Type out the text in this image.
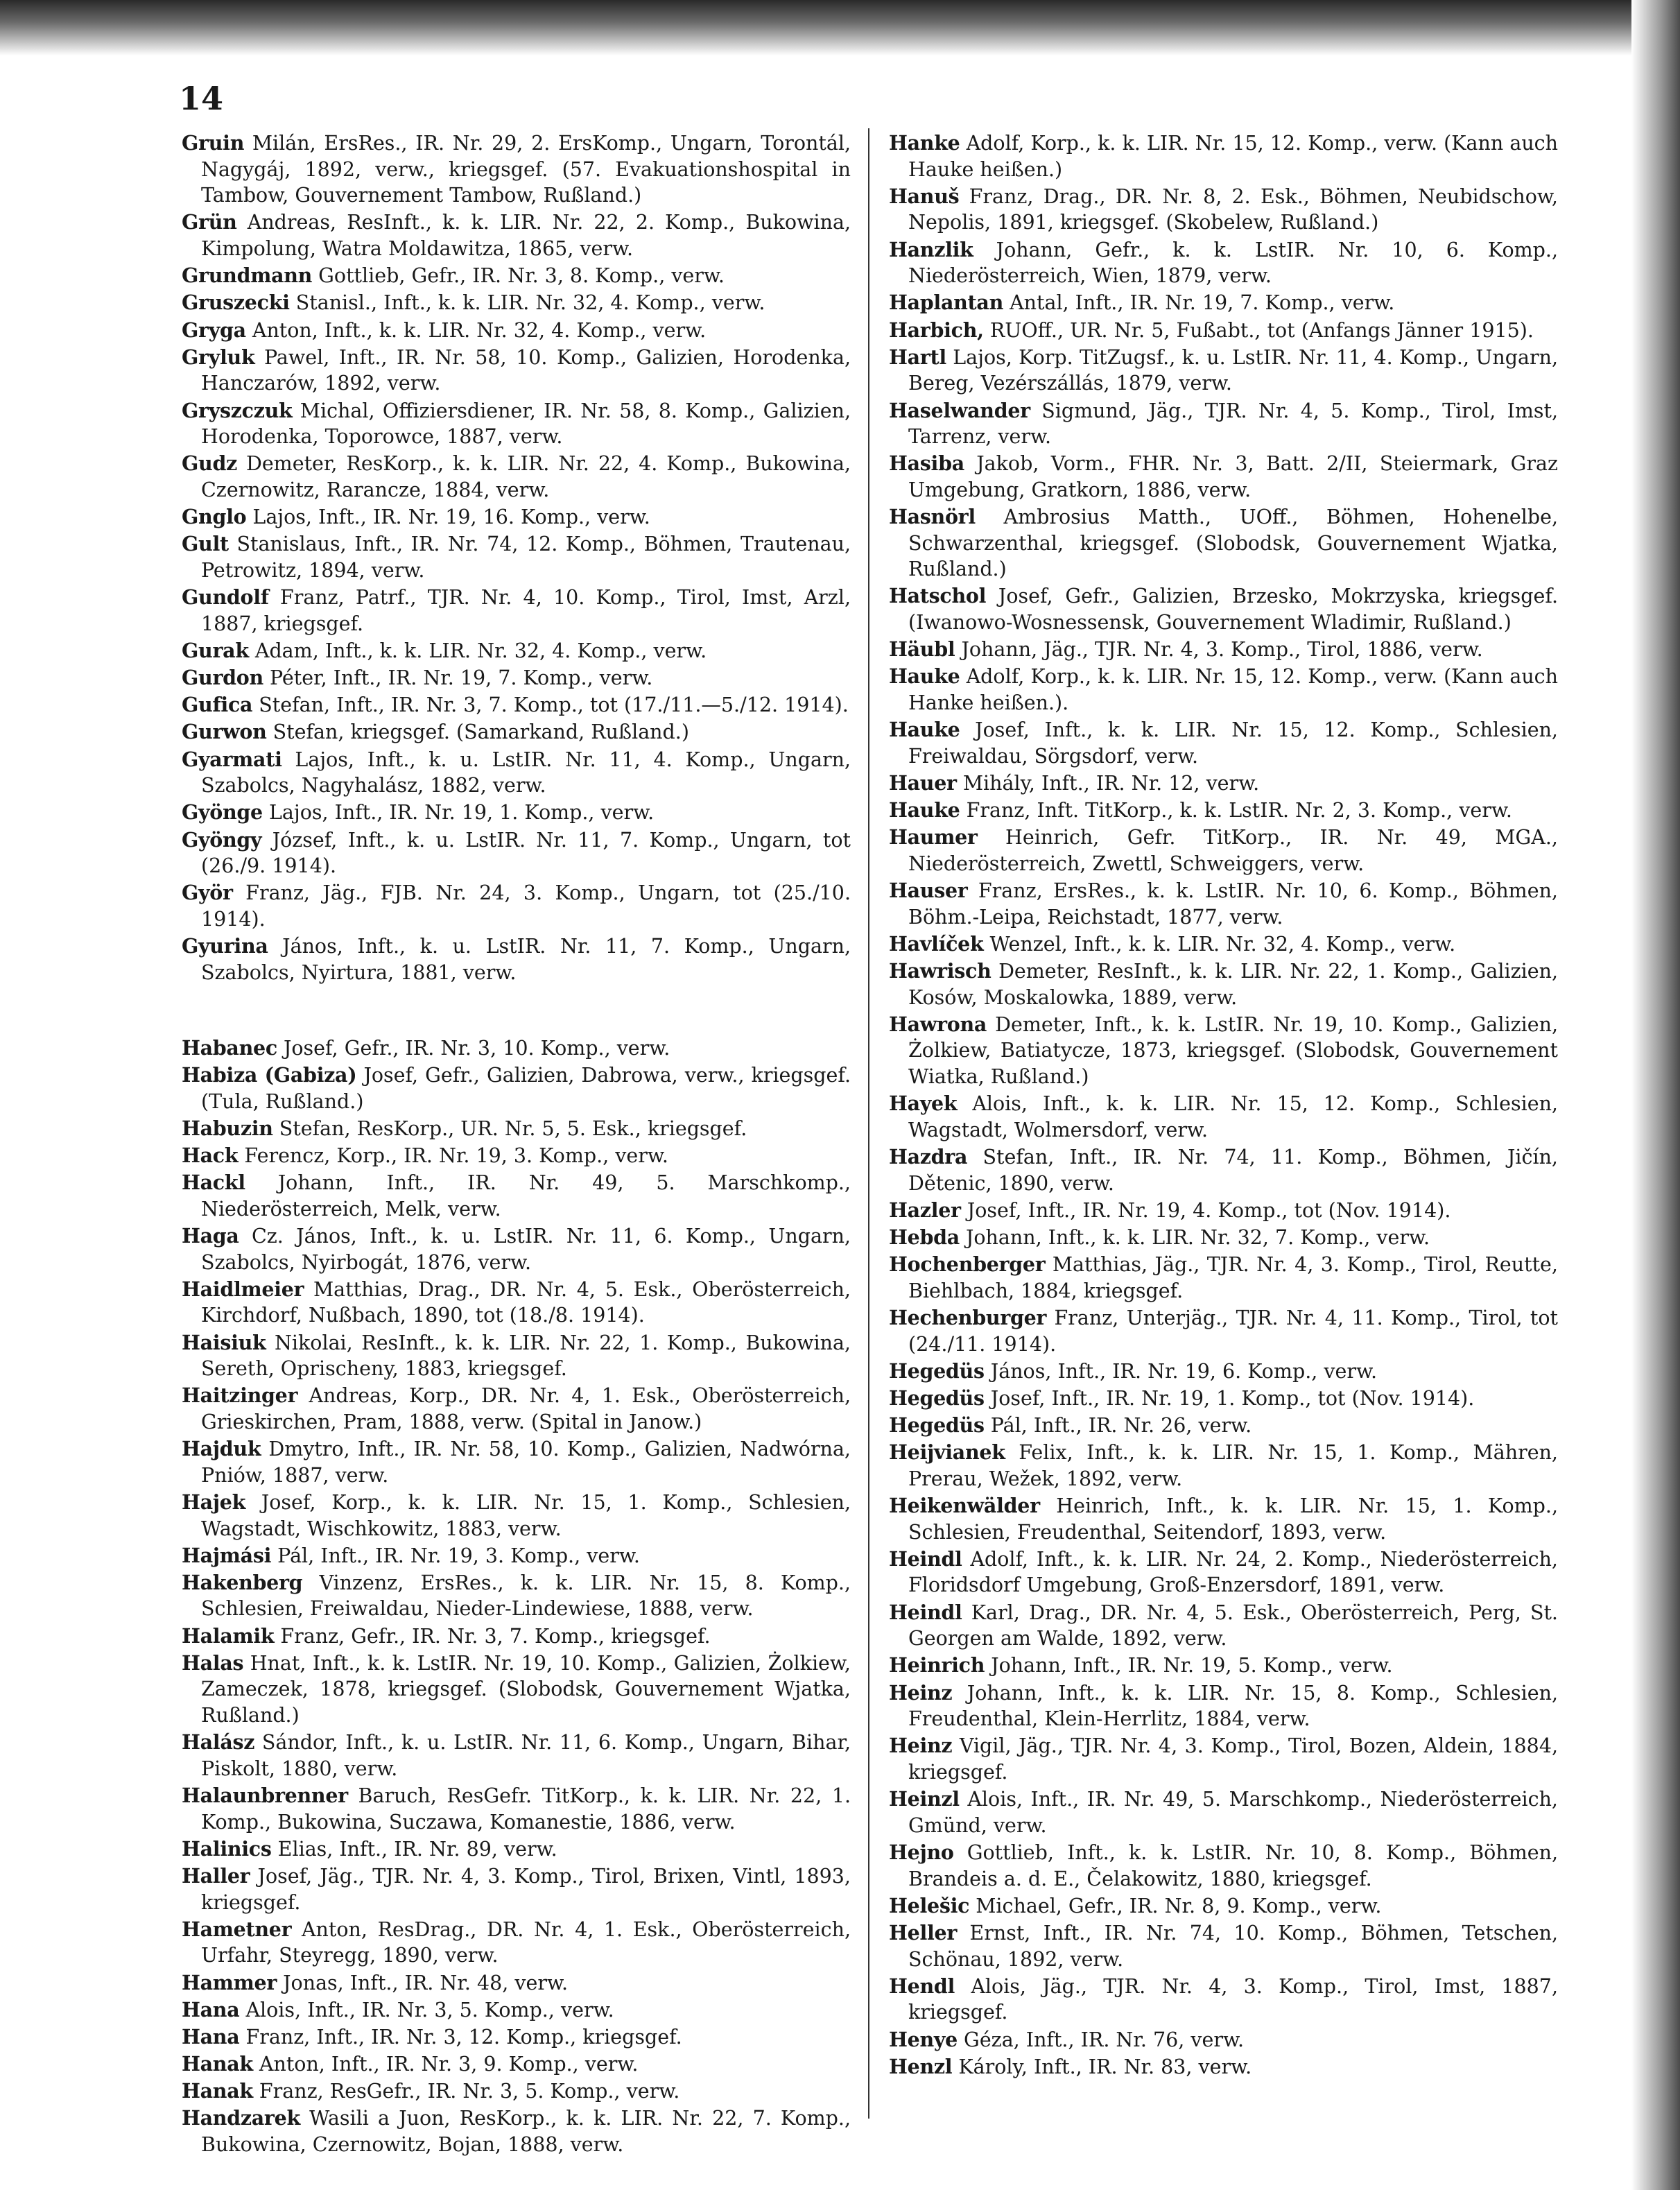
14

Gruin Milán, ErsRes., IR. Nr. 29, 2. ErsKomp., Ungarn, Torontál, Nagygáj, 1892, verw., kriegsgef. (57. Evakuationshospital in Tambow, Gouvernement Tambow, Rußland.)

Grün Andreas, ResInft., k. k. LIR. Nr. 22, 2. Komp., Bukowina, Kimpolung, Watra Moldawitza, 1865, verw.

Grundmann Gottlieb, Gefr., IR. Nr. 3, 8. Komp., verw.

Gruszecki Stanisl., Inft., k. k. LIR. Nr. 32, 4. Komp., verw.

Gryga Anton, Inft., k. k. LIR. Nr. 32, 4. Komp., verw.

Gryluk Pawel, Inft., IR. Nr. 58, 10. Komp., Galizien, Horodenka, Hanczarów, 1892, verw.

Gryszczuk Michal, Offiziersdiener, IR. Nr. 58, 8. Komp., Galizien, Horodenka, Toporowce, 1887, verw.

Gudz Demeter, ResKorp., k. k. LIR. Nr. 22, 4. Komp., Bukowina, Czernowitz, Rarancze, 1884, verw.

Gnglo Lajos, Inft., IR. Nr. 19, 16. Komp., verw.

Gult Stanislaus, Inft., IR. Nr. 74, 12. Komp., Böhmen, Trautenau, Petrowitz, 1894, verw.

Gundolf Franz, Patrf., TJR. Nr. 4, 10. Komp., Tirol, Imst, Arzl, 1887, kriegsgef.

Gurak Adam, Inft., k. k. LIR. Nr. 32, 4. Komp., verw.

Gurdon Péter, Inft., IR. Nr. 19, 7. Komp., verw.

Gufica Stefan, Inft., IR. Nr. 3, 7. Komp., tot (17./11.—5./12. 1914).

Gurwon Stefan, kriegsgef. (Samarkand, Rußland.)

Gyarmati Lajos, Inft., k. u. LstIR. Nr. 11, 4. Komp., Ungarn, Szabolcs, Nagyhalász, 1882, verw.

Gyönge Lajos, Inft., IR. Nr. 19, 1. Komp., verw.

Gyöngy József, Inft., k. u. LstIR. Nr. 11, 7. Komp., Ungarn, tot (26./9. 1914).

Györ Franz, Jäg., FJB. Nr. 24, 3. Komp., Ungarn, tot (25./10. 1914).

Gyurina János, Inft., k. u. LstIR. Nr. 11, 7. Komp., Ungarn, Szabolcs, Nyirtura, 1881, verw.

Habanec Josef, Gefr., IR. Nr. 3, 10. Komp., verw.

Habiza (Gabiza) Josef, Gefr., Galizien, Dabrowa, verw., kriegsgef. (Tula, Rußland.)

Habuzin Stefan, ResKorp., UR. Nr. 5, 5. Esk., kriegsgef.

Hack Ferencz, Korp., IR. Nr. 19, 3. Komp., verw.

Hackl Johann, Inft., IR. Nr. 49, 5. Marschkomp., Niederösterreich, Melk, verw.

Haga Cz. János, Inft., k. u. LstIR. Nr. 11, 6. Komp., Ungarn, Szabolcs, Nyirbogát, 1876, verw.

Haidlmeier Matthias, Drag., DR. Nr. 4, 5. Esk., Oberösterreich, Kirchdorf, Nußbach, 1890, tot (18./8. 1914).

Haisiuk Nikolai, ResInft., k. k. LIR. Nr. 22, 1. Komp., Bukowina, Sereth, Oprischeny, 1883, kriegsgef.

Haitzinger Andreas, Korp., DR. Nr. 4, 1. Esk., Oberösterreich, Grieskirchen, Pram, 1888, verw. (Spital in Janow.)

Hajduk Dmytro, Inft., IR. Nr. 58, 10. Komp., Galizien, Nadwórna, Pniów, 1887, verw.

Hajek Josef, Korp., k. k. LIR. Nr. 15, 1. Komp., Schlesien, Wagstadt, Wischkowitz, 1883, verw.

Hajmási Pál, Inft., IR. Nr. 19, 3. Komp., verw.

Hakenberg Vinzenz, ErsRes., k. k. LIR. Nr. 15, 8. Komp., Schlesien, Freiwaldau, Nieder-Lindewiese, 1888, verw.

Halamik Franz, Gefr., IR. Nr. 3, 7. Komp., kriegsgef.

Halas Hnat, Inft., k. k. LstIR. Nr. 19, 10. Komp., Galizien, Żolkiew, Zameczek, 1878, kriegsgef. (Slobodsk, Gouvernement Wjatka, Rußland.)

Halász Sándor, Inft., k. u. LstIR. Nr. 11, 6. Komp., Ungarn, Bihar, Piskolt, 1880, verw.

Halaunbrenner Baruch, ResGefr. TitKorp., k. k. LIR. Nr. 22, 1. Komp., Bukowina, Suczawa, Komanestie, 1886, verw.

Halinics Elias, Inft., IR. Nr. 89, verw.

Haller Josef, Jäg., TJR. Nr. 4, 3. Komp., Tirol, Brixen, Vintl, 1893, kriegsgef.

Hametner Anton, ResDrag., DR. Nr. 4, 1. Esk., Oberösterreich, Urfahr, Steyregg, 1890, verw.

Hammer Jonas, Inft., IR. Nr. 48, verw.

Hana Alois, Inft., IR. Nr. 3, 5. Komp., verw.

Hana Franz, Inft., IR. Nr. 3, 12. Komp., kriegsgef.

Hanak Anton, Inft., IR. Nr. 3, 9. Komp., verw.

Hanak Franz, ResGefr., IR. Nr. 3, 5. Komp., verw.

Handzarek Wasili a Juon, ResKorp., k. k. LIR. Nr. 22, 7. Komp., Bukowina, Czernowitz, Bojan, 1888, verw.

Hanke Adolf, Korp., k. k. LIR. Nr. 15, 12. Komp., verw. (Kann auch Hauke heißen.)

Hanuš Franz, Drag., DR. Nr. 8, 2. Esk., Böhmen, Neubidschow, Nepolis, 1891, kriegsgef. (Skobelew, Rußland.)

Hanzlik Johann, Gefr., k. k. LstIR. Nr. 10, 6. Komp., Niederösterreich, Wien, 1879, verw.

Haplantan Antal, Inft., IR. Nr. 19, 7. Komp., verw.

Harbich, RUOff., UR. Nr. 5, Fußabt., tot (Anfangs Jänner 1915).

Hartl Lajos, Korp. TitZugsf., k. u. LstIR. Nr. 11, 4. Komp., Ungarn, Bereg, Vezérszállás, 1879, verw.

Haselwander Sigmund, Jäg., TJR. Nr. 4, 5. Komp., Tirol, Imst, Tarrenz, verw.

Hasiba Jakob, Vorm., FHR. Nr. 3, Batt. 2/II, Steiermark, Graz Umgebung, Gratkorn, 1886, verw.

Hasnörl Ambrosius Matth., UOff., Böhmen, Hohenelbe, Schwarzenthal, kriegsgef. (Slobodsk, Gouvernement Wjatka, Rußland.)

Hatschol Josef, Gefr., Galizien, Brzesko, Mokrzyska, kriegsgef. (Iwanowo-Wosnessensk, Gouvernement Wladimir, Rußland.)

Häubl Johann, Jäg., TJR. Nr. 4, 3. Komp., Tirol, 1886, verw.

Hauke Adolf, Korp., k. k. LIR. Nr. 15, 12. Komp., verw. (Kann auch Hanke heißen.).

Hauke Josef, Inft., k. k. LIR. Nr. 15, 12. Komp., Schlesien, Freiwaldau, Sörgsdorf, verw.

Hauer Mihály, Inft., IR. Nr. 12, verw.

Hauke Franz, Inft. TitKorp., k. k. LstIR. Nr. 2, 3. Komp., verw.

Haumer Heinrich, Gefr. TitKorp., IR. Nr. 49, MGA., Niederösterreich, Zwettl, Schweiggers, verw.

Hauser Franz, ErsRes., k. k. LstIR. Nr. 10, 6. Komp., Böhmen, Böhm.-Leipa, Reichstadt, 1877, verw.

Havlíček Wenzel, Inft., k. k. LIR. Nr. 32, 4. Komp., verw.

Hawrisch Demeter, ResInft., k. k. LIR. Nr. 22, 1. Komp., Galizien, Kosów, Moskalowka, 1889, verw.

Hawrona Demeter, Inft., k. k. LstIR. Nr. 19, 10. Komp., Galizien, Żolkiew, Batiatycze, 1873, kriegsgef. (Slobodsk, Gouvernement Wiatka, Rußland.)

Hayek Alois, Inft., k. k. LIR. Nr. 15, 12. Komp., Schlesien, Wagstadt, Wolmersdorf, verw.

Hazdra Stefan, Inft., IR. Nr. 74, 11. Komp., Böhmen, Jičín, Dětenic, 1890, verw.

Hazler Josef, Inft., IR. Nr. 19, 4. Komp., tot (Nov. 1914).

Hebda Johann, Inft., k. k. LIR. Nr. 32, 7. Komp., verw.

Hochenberger Matthias, Jäg., TJR. Nr. 4, 3. Komp., Tirol, Reutte, Biehlbach, 1884, kriegsgef.

Hechenburger Franz, Unterjäg., TJR. Nr. 4, 11. Komp., Tirol, tot (24./11. 1914).

Hegedüs János, Inft., IR. Nr. 19, 6. Komp., verw.

Hegedüs Josef, Inft., IR. Nr. 19, 1. Komp., tot (Nov. 1914).

Hegedüs Pál, Inft., IR. Nr. 26, verw.

Heijvianek Felix, Inft., k. k. LIR. Nr. 15, 1. Komp., Mähren, Prerau, Wežek, 1892, verw.

Heikenwälder Heinrich, Inft., k. k. LIR. Nr. 15, 1. Komp., Schlesien, Freudenthal, Seitendorf, 1893, verw.

Heindl Adolf, Inft., k. k. LIR. Nr. 24, 2. Komp., Niederösterreich, Floridsdorf Umgebung, Groß-Enzersdorf, 1891, verw.

Heindl Karl, Drag., DR. Nr. 4, 5. Esk., Oberösterreich, Perg, St. Georgen am Walde, 1892, verw.

Heinrich Johann, Inft., IR. Nr. 19, 5. Komp., verw.

Heinz Johann, Inft., k. k. LIR. Nr. 15, 8. Komp., Schlesien, Freudenthal, Klein-Herrlitz, 1884, verw.

Heinz Vigil, Jäg., TJR. Nr. 4, 3. Komp., Tirol, Bozen, Aldein, 1884, kriegsgef.

Heinzl Alois, Inft., IR. Nr. 49, 5. Marschkomp., Niederösterreich, Gmünd, verw.

Hejno Gottlieb, Inft., k. k. LstIR. Nr. 10, 8. Komp., Böhmen, Brandeis a. d. E., Čelakowitz, 1880, kriegsgef.

Helešic Michael, Gefr., IR. Nr. 8, 9. Komp., verw.

Heller Ernst, Inft., IR. Nr. 74, 10. Komp., Böhmen, Tetschen, Schönau, 1892, verw.

Hendl Alois, Jäg., TJR. Nr. 4, 3. Komp., Tirol, Imst, 1887, kriegsgef.

Henye Géza, Inft., IR. Nr. 76, verw.

Henzl Károly, Inft., IR. Nr. 83, verw.
